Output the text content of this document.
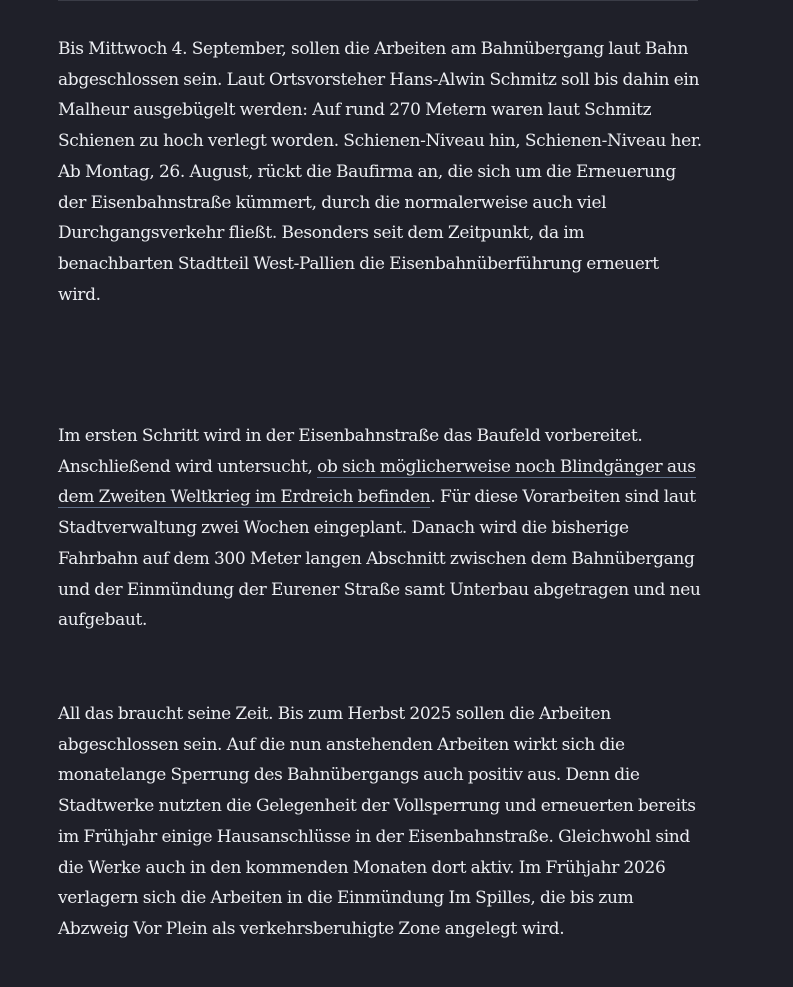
Bis Mittwoch 4. September, sollen die Arbeiten am Bahnübergang laut Bahn abgeschlossen sein. Laut Ortsvorsteher Hans-Alwin Schmitz soll bis dahin ein Malheur ausgebügelt werden: Auf rund 270 Metern waren laut Schmitz Schienen zu hoch verlegt worden. Schienen-Niveau hin, Schienen-Niveau her. Ab Montag, 26. August, rückt die Baufirma an, die sich um die Erneuerung der Eisenbahnstraße kümmert, durch die normalerweise auch viel Durchgangsverkehr fließt. Besonders seit dem Zeitpunkt, da im benachbarten Stadtteil West-Pallien die Eisenbahnüberführung erneuert wird.

Im ersten Schritt wird in der Eisenbahnstraße das Baufeld vorbereitet. Anschließend wird untersucht, ob sich möglicherweise noch Blindgänger aus dem Zweiten Weltkrieg im Erdreich befinden. Für diese Vorarbeiten sind laut Stadtverwaltung zwei Wochen eingeplant. Danach wird die bisherige Fahrbahn auf dem 300 Meter langen Abschnitt zwischen dem Bahnübergang und der Einmündung der Eurener Straße samt Unterbau abgetragen und neu aufgebaut.

All das braucht seine Zeit. Bis zum Herbst 2025 sollen die Arbeiten abgeschlossen sein. Auf die nun anstehenden Arbeiten wirkt sich die monatelange Sperrung des Bahnübergangs auch positiv aus. Denn die Stadtwerke nutzten die Gelegenheit der Vollsperrung und erneuerten bereits im Frühjahr einige Hausanschlüsse in der Eisenbahnstraße. Gleichwohl sind die Werke auch in den kommenden Monaten dort aktiv. Im Frühjahr 2026 verlagern sich die Arbeiten in die Einmündung Im Spilles, die bis zum Abzweig Vor Plein als verkehrsberuhigte Zone angelegt wird.
